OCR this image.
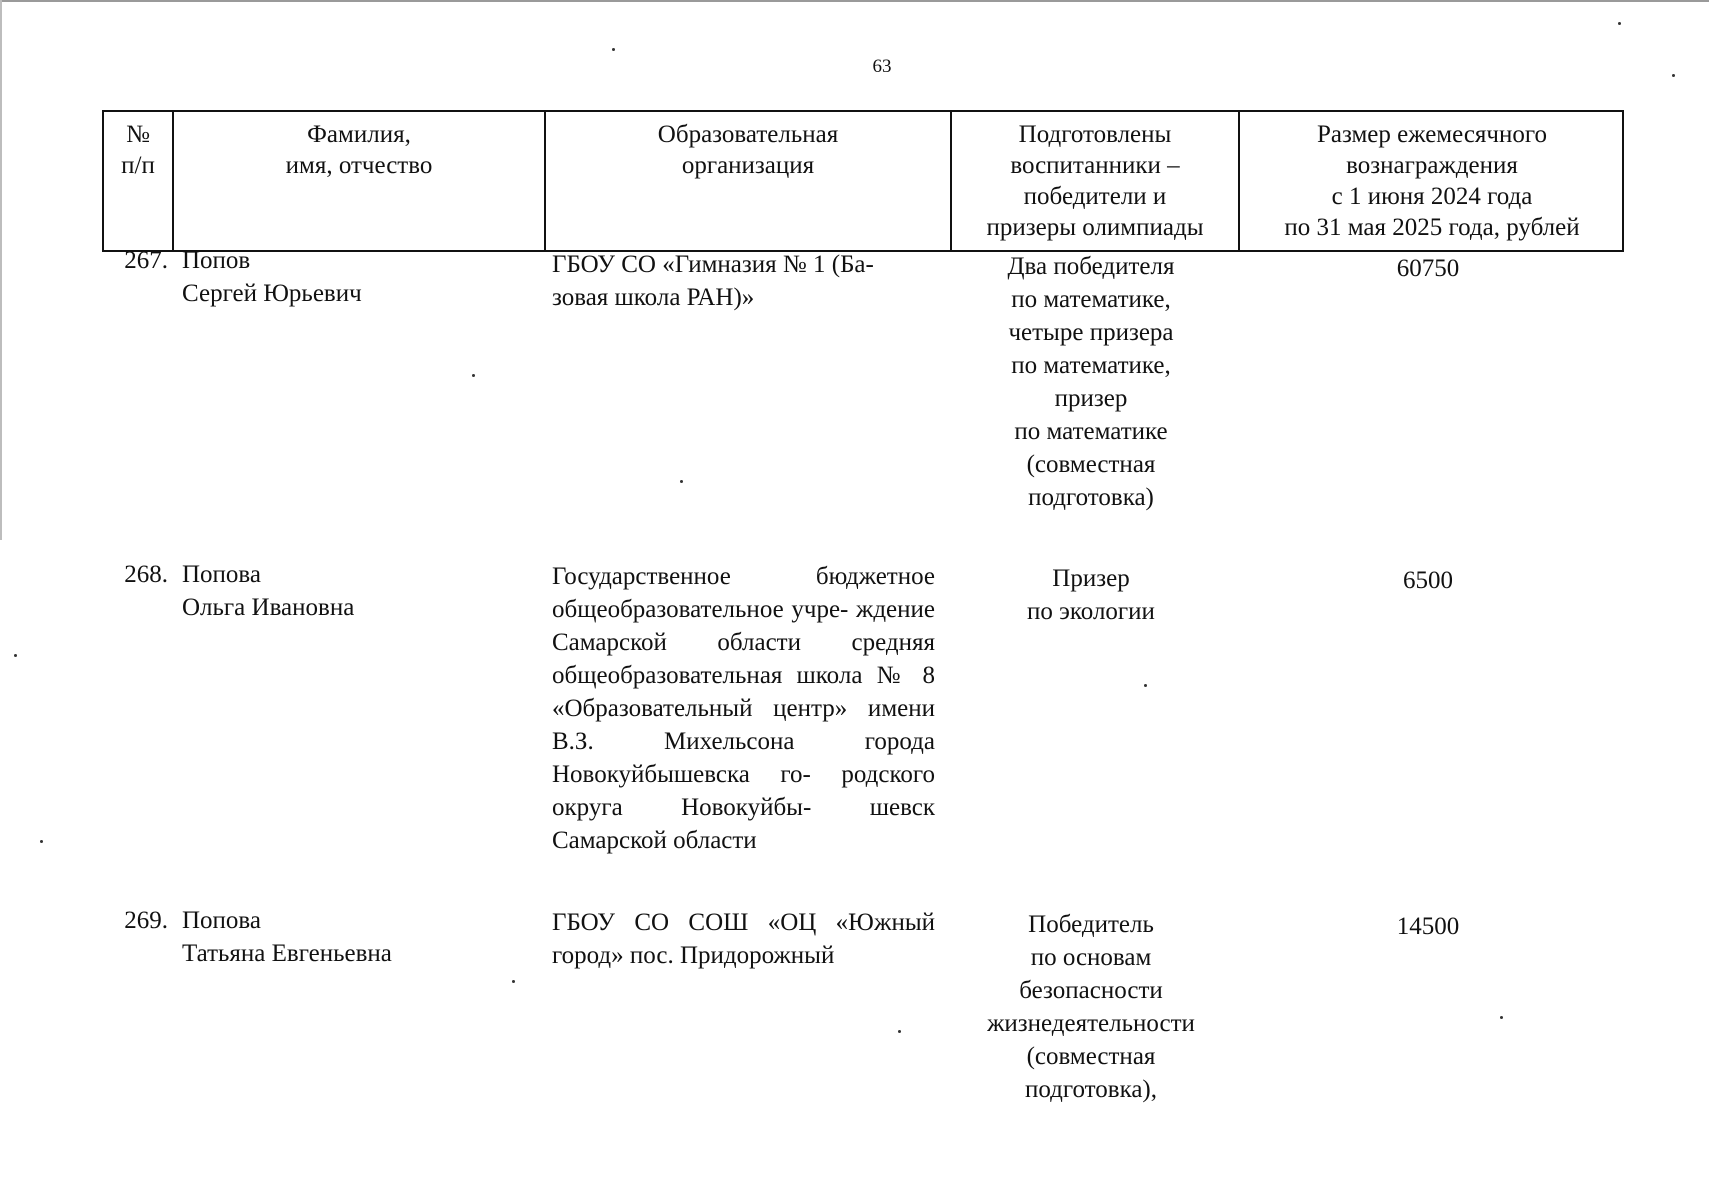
63
№
п/п
Фамилия,
имя, отчество
Образовательная
организация
Подготовлены
воспитанники –
победители и
призеры олимпиады
Размер ежемесячного
вознаграждения
с 1 июня 2024 года
по 31 мая 2025 года, рублей
267. Попов
Сергей Юрьевич
ГБОУ СО «Гимназия № 1 (Ба-
зовая школа РАН)»
Два победителя
по математике,
четыре призера
по математике,
призер
по математике
(совместная
подготовка)
60750
268. Попова
Ольга Ивановна
Государственное бюджетное общеобразовательное учре- ждение Самарской области средняя общеобразовательная школа № 8 «Образовательный центр» имени В.З. Михельсона города Новокуйбышевска го- родского округа Новокуйбы- шевск Самарской области
Призер
по экологии
6500
269. Попова
Татьяна Евгеньевна
ГБОУ СО СОШ «ОЦ «Южный город» пос. Придорожный
Победитель
по основам
безопасности
жизнедеятельности
(совместная
подготовка),
14500
